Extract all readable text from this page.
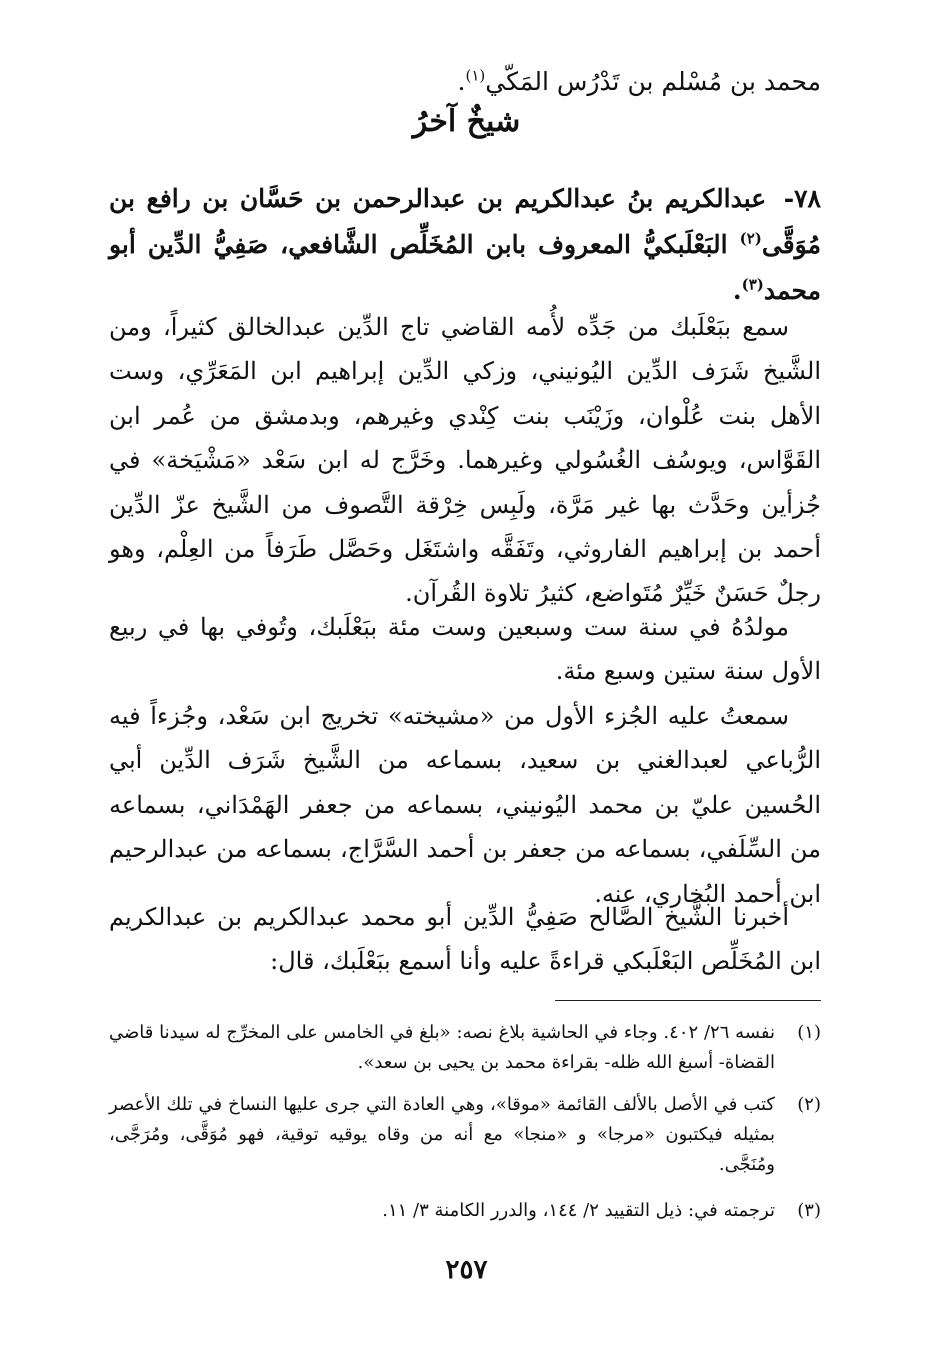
محمد بن مُسْلم بن تَدْرُس المَكّي$^{(١)}$.
شيخٌ آخرُ
٧٨- عبدالكريم بنُ عبدالكريم بن عبدالرحمن بن حَسَّان بن رافع بن مُوَقَّى$^{(٢)}$ البَعْلَبكيُّ المعروف بابن المُخَلِّص الشَّافعي، صَفِيُّ الدِّين أبو محمد$^{(٣)}$.

سمع ببَعْلَبك من جَدِّه لأُمه القاضي تاج الدِّين عبدالخالق كثيراً، ومن الشَّيخ شَرَف الدِّين اليُونيني، وزكي الدِّين إبراهيم ابن المَعَرِّي، وست الأهل بنت عُلْوان، وزَيْنَب بنت كِنْدي وغيرهم، وبدمشق من عُمر ابن القَوَّاس، ويوسُف الغُسُولي وغيرهما. وخَرَّج له ابن سَعْد «مَشْيَخة» في جُزأين وحَدَّث بها غير مَرَّة، ولَبِس خِرْقة التَّصوف من الشَّيخ عزّ الدِّين أحمد بن إبراهيم الفاروثي، وتَفَقَّه واشتَغَل وحَصَّل طَرَفاً من العِلْم، وهو رجلٌ حَسَنٌ خَيِّرٌ مُتَواضع، كثيرُ تلاوة القُرآن.

مولدُهُ في سنة ست وسبعين وست مئة ببَعْلَبك، وتُوفي بها في ربيع الأول سنة ستين وسبع مئة.

سمعتُ عليه الجُزء الأول من «مشيخته» تخريج ابن سَعْد، وجُزءاً فيه الرُّباعي لعبدالغني بن سعيد، بسماعه من الشَّيخ شَرَف الدِّين أبي الحُسين عليّ بن محمد اليُونيني، بسماعه من جعفر الهَمْدَاني، بسماعه من السِّلَفي، بسماعه من جعفر بن أحمد السَّرَّاج، بسماعه من عبدالرحيم ابن أحمد البُخاري، عنه.

أخبرنا الشَّيخ الصَّالح صَفِيُّ الدِّين أبو محمد عبدالكريم بن عبدالكريم ابن المُخَلِّص البَعْلَبكي قراءةً عليه وأنا أسمع ببَعْلَبك، قال:

(١)
نفسه ٢٦/ ٤٠٢. وجاء في الحاشية بلاغ نصه: «بلغ في الخامس على المخرِّج له سيدنا قاضي القضاة- أسبغ الله ظله- بقراءة محمد بن يحيى بن سعد».
(٢)
كتب في الأصل بالألف القائمة «موقا»، وهي العادة التي جرى عليها النساخ في تلك الأعصر بمثيله فيكتبون «مرجا» و «منجا» مع أنه من وقاه يوقيه توقية، فهو مُوَقَّى، ومُرَجَّى، ومُنَجَّى.
(٣)
ترجمته في: ذيل التقييد ٢/ ١٤٤، والدرر الكامنة ٣/ ١١.
٢٥٧
